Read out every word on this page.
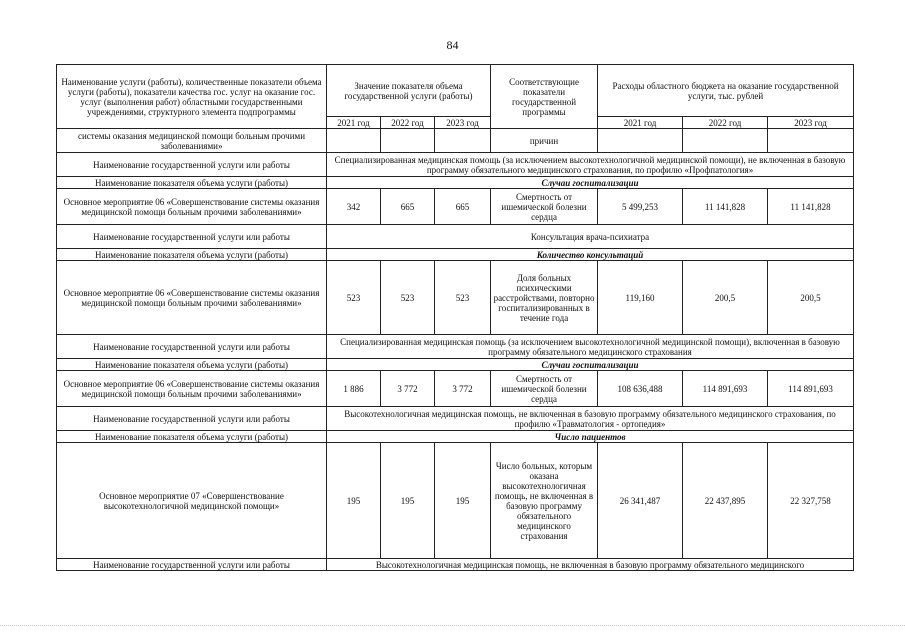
84
Наименование услуги (работы), количественные показатели объема услуги (работы), показатели качества гос. услуг на оказание гос. услуг (выполнения работ) областными государственными учреждениями, структурного элемента подпрограммы	Значение показателя объема государственной услуги (работы)			Соответствующие показатели государственной программы	Расходы областного бюджета на оказание государственной услуги, тыс. рублей		
	2021 год	2022 год	2023 год		2021 год	2022 год	2023 год
системы оказания медицинской помощи больным прочими заболеваниями»				причин			
Наименование государственной услуги или работы	Специализированная медицинская помощь (за исключением высокотехнологичной медицинской помощи), не включенная в базовую программу обязательного медицинского страхования, по профилю «Профпатология»						
Наименование показателя объема услуги (работы)	Случаи госпитализации						
Основное мероприятие 06 «Совершенствование системы оказания медицинской помощи больным прочими заболеваниями»	342	665	665	Смертность от ишемической болезни сердца	5 499,253	11 141,828	11 141,828
Наименование государственной услуги или работы	Консультация врача-психиатра						
Наименование показателя объема услуги (работы)	Количество консультаций						
Основное мероприятие 06 «Совершенствование системы оказания медицинской помощи больным прочими заболеваниями»	523	523	523	Доля больных психическими расстройствами, повторно госпитализированных в течение года	119,160	200,5	200,5
Наименование государственной услуги или работы	Специализированная медицинская помощь (за исключением высокотехнологичной медицинской помощи), включенная в базовую программу обязательного медицинского страхования						
Наименование показателя объема услуги (работы)	Случаи госпитализации						
Основное мероприятие 06 «Совершенствование системы оказания медицинской помощи больным прочими заболеваниями»	1 886	3 772	3 772	Смертность от ишемической болезни сердца	108 636,488	114 891,693	114 891,693
Наименование государственной услуги или работы	Высокотехнологичная медицинская помощь, не включенная в базовую программу обязательного медицинского страхования, по профилю «Травматология - ортопедия»						
Наименование показателя объема услуги (работы)	Число пациентов						
Основное мероприятие 07 «Совершенствование высокотехнологичной медицинской помощи»	195	195	195	Число больных, которым оказана высокотехнологичная помощь, не включенная в базовую программу обязательного медицинского страхования	26 341,487	22 437,895	22 327,758
Наименование государственной услуги или работы	Высокотехнологичная медицинская помощь, не включенная в базовую программу обязательного медицинского						
